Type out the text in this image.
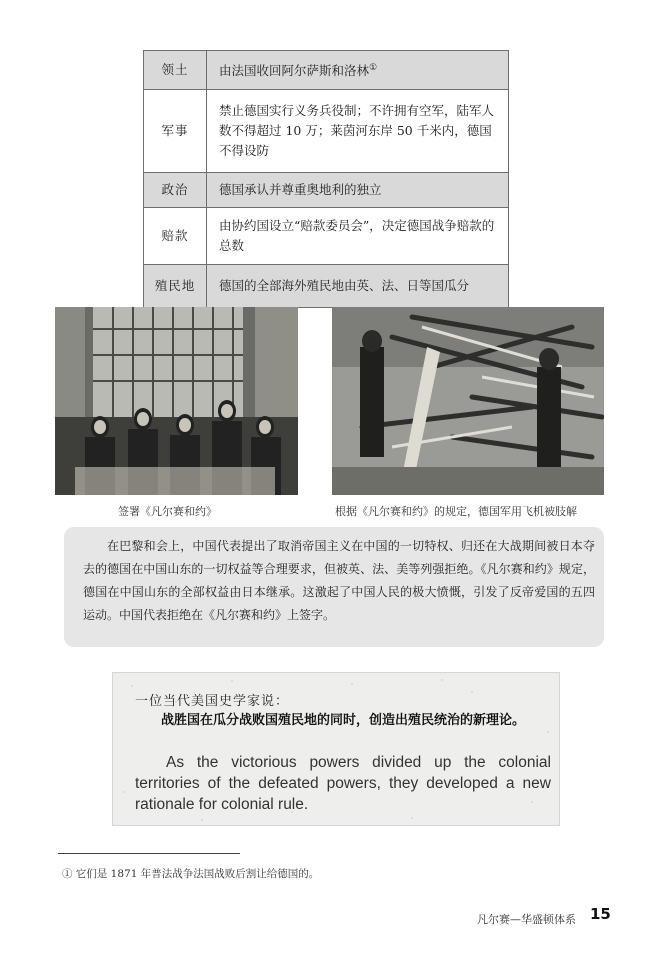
领土	由法国收回阿尔萨斯和洛林①
军事	禁止德国实行义务兵役制；不许拥有空军，陆军人数不得超过 10 万；莱茵河东岸 50 千米内，德国不得设防
政治	德国承认并尊重奥地利的独立
赔款	由协约国设立“赔款委员会”，决定德国战争赔款的总数
殖民地	德国的全部海外殖民地由英、法、日等国瓜分
签署《凡尔赛和约》	根据《凡尔赛和约》的规定，德国军用飞机被肢解

在巴黎和会上，中国代表提出了取消帝国主义在中国的一切特权、归还在大战期间被日本夺去的德国在中国山东的一切权益等合理要求，但被英、法、美等列强拒绝。《凡尔赛和约》规定，德国在中国山东的全部权益由日本继承。这激起了中国人民的极大愤慨，引发了反帝爱国的五四运动。中国代表拒绝在《凡尔赛和约》上签字。

一位当代美国史学家说：

战胜国在瓜分战败国殖民地的同时，创造出殖民统治的新理论。

As the victorious powers divided up the colonial territories of the defeated powers, they developed a new rationale for colonial rule.

① 它们是 1871 年普法战争法国战败后割让给德国的。
凡尔赛—华盛顿体系 15
